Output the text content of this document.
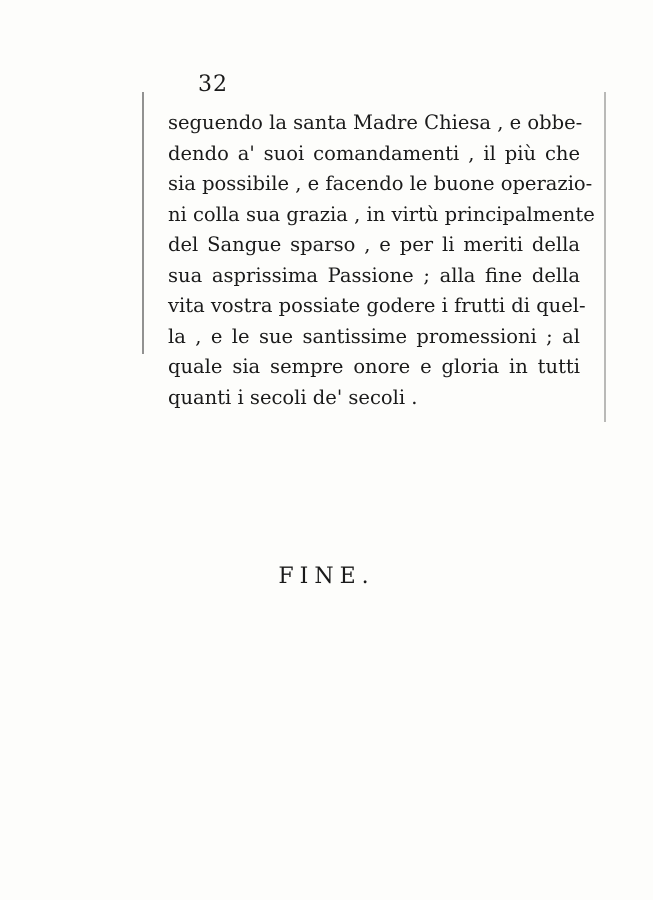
32
seguendo la santa Madre Chiesa , e obbe-
dendo a' suoi comandamenti , il più che
sia possibile , e facendo le buone operazio-
ni colla sua grazia , in virtù principalmente
del Sangue sparso , e per li meriti della
sua asprissima Passione ; alla fine della
vita vostra possiate godere i frutti di quel-
la , e le sue santissime promessioni ; al
quale sia sempre onore e gloria in tutti
quanti i secoli de' secoli .
FINE.
